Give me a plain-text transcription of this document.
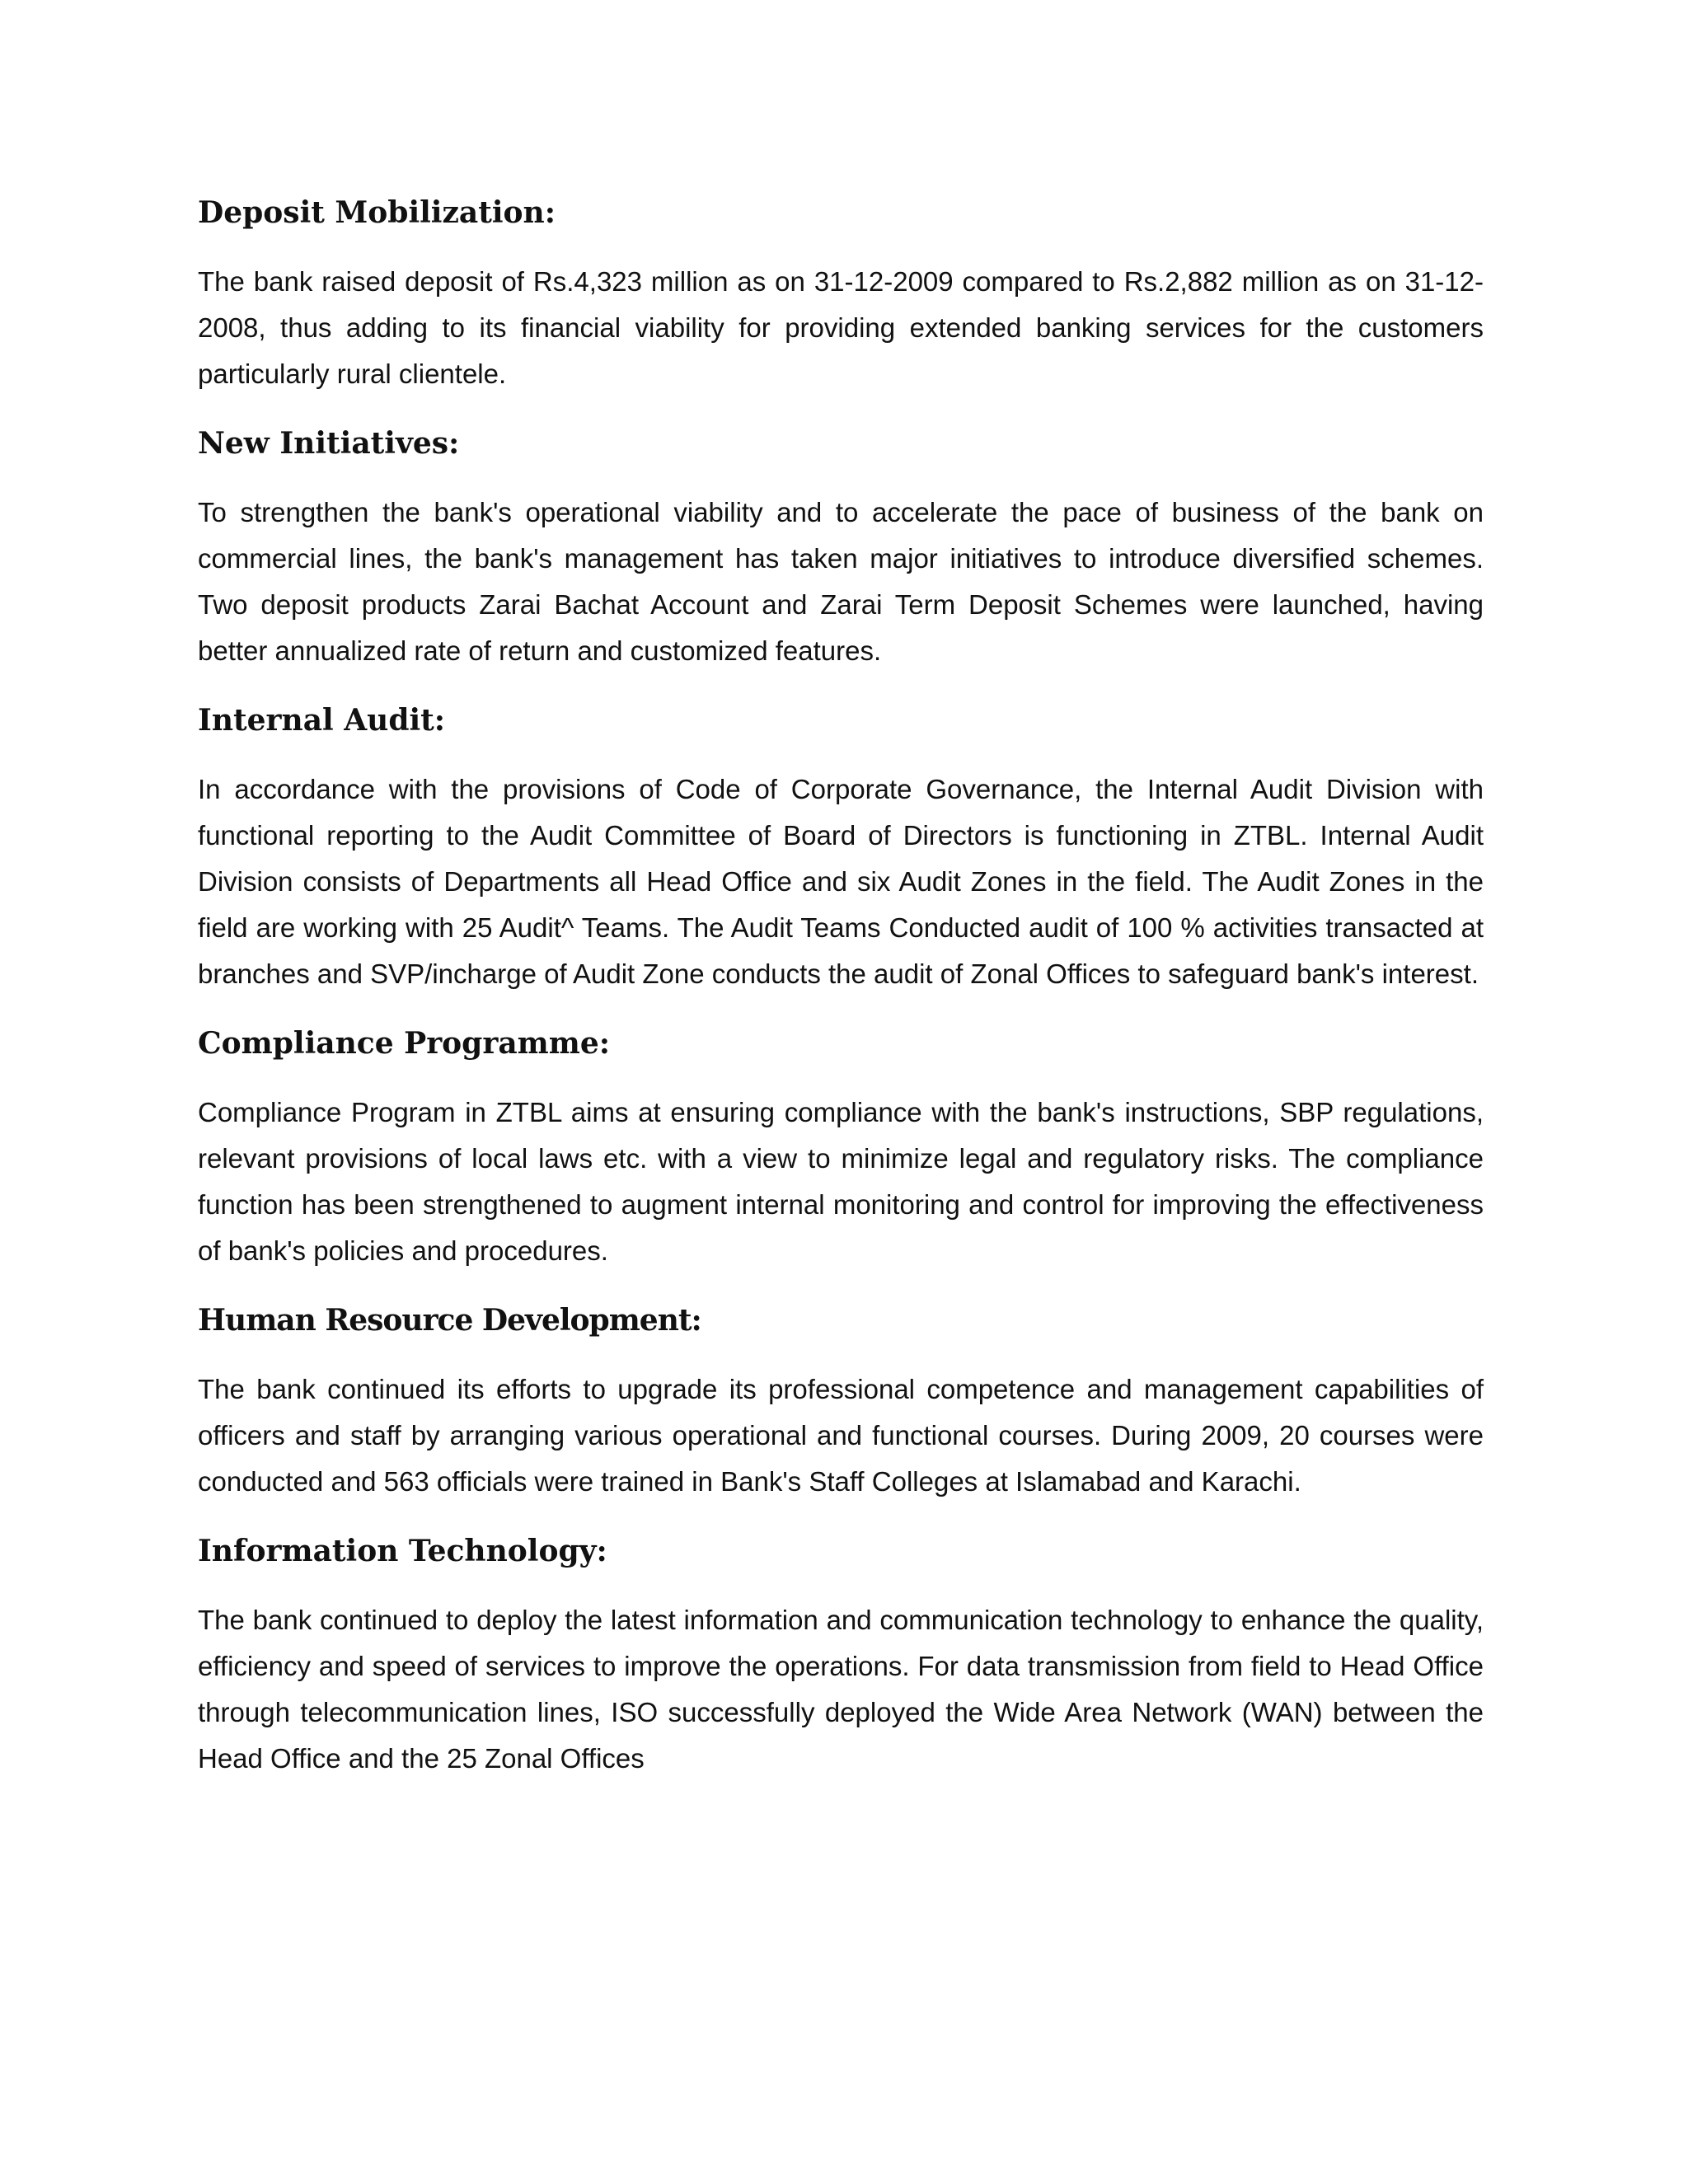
Deposit Mobilization:

The bank raised deposit of Rs.4,323 million as on 31-12-2009 compared to Rs.2,882 million as on 31-12-2008, thus adding to its financial viability for providing extended banking services for the customers particularly rural clientele.

New Initiatives:

To strengthen the bank's operational viability and to accelerate the pace of business of the bank on commercial lines, the bank's management has taken major initiatives to introduce diversified schemes. Two deposit products Zarai Bachat Account and Zarai Term Deposit Schemes were launched, having better annualized rate of return and customized features.

Internal Audit:

In accordance with the provisions of Code of Corporate Governance, the Internal Audit Division with functional reporting to the Audit Committee of Board of Directors is functioning in ZTBL. Internal Audit Division consists of Departments all Head Office and six Audit Zones in the field. The Audit Zones in the field are working with 25 Audit^ Teams. The Audit Teams Conducted audit of 100 % activities transacted at branches and SVP/incharge of Audit Zone conducts the audit of Zonal Offices to safeguard bank's interest.

Compliance Programme:

Compliance Program in ZTBL aims at ensuring compliance with the bank's instructions, SBP regulations, relevant provisions of local laws etc. with a view to minimize legal and regulatory risks. The compliance function has been strengthened to augment internal monitoring and control for improving the effectiveness of bank's policies and procedures.

Human Resource Development:

The bank continued its efforts to upgrade its professional competence and management capabilities of officers and staff by arranging various operational and functional courses. During 2009, 20 courses were conducted and 563 officials were trained in Bank's Staff Colleges at Islamabad and Karachi.

Information Technology:

The bank continued to deploy the latest information and communication technology to enhance the quality, efficiency and speed of services to improve the operations. For data transmission from field to Head Office through telecommunication lines, ISO successfully deployed the Wide Area Network (WAN) between the Head Office and the 25 Zonal Offices
